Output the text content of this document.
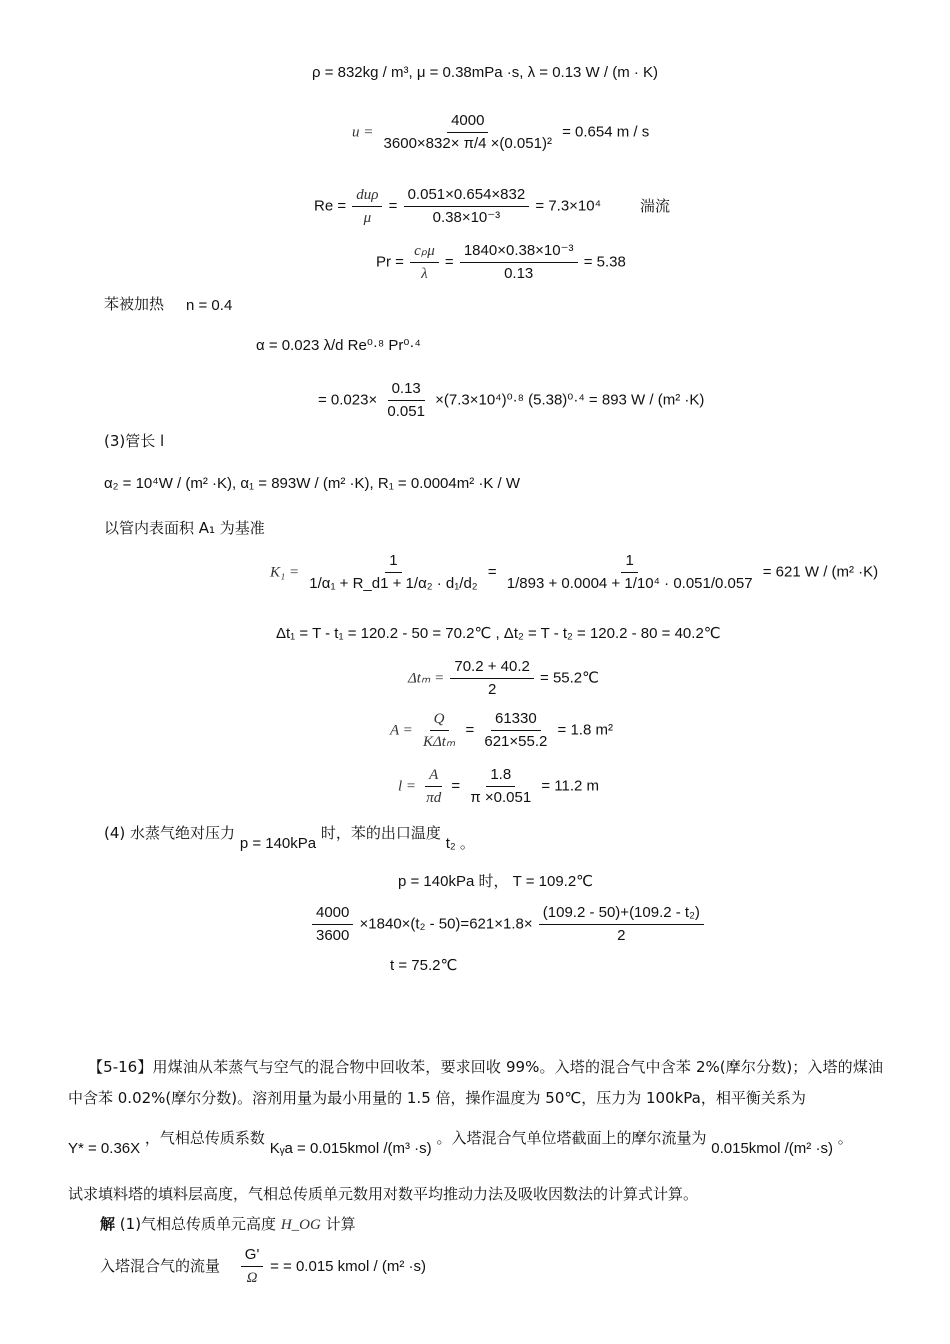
ρ = 832kg / m³, μ = 0.38mPa ·s, λ = 0.13 W / (m · K)
$u = \frac{4000}{\text{3600×832× π/4 ×(0.051)²}} = 0.654$ m / s
$Re = \frac{\text{duρ}}{\mu} = \frac{0.051\times 0.654\times 832}{\text{0.38×10⁻³}} = 7.3\times 10^4$	湍流
$Pr = \frac{\text{cₚμ}}{\lambda} = \frac{\text{1840×0.38×10⁻³}}{0.13} = 5.38$
苯被加热 n = 0.4
α = 0.023 λ/d Re⁰·⁸ Pr⁰·⁴
= $0.023\times \frac{0.13}{0.051} \times(7.3\times 10^4)^0\cdot^8$ (5.38)⁰·⁴ = 893 W / (m² ·K)
(3)管长 l
α₂ = 10⁴W / (m² ·K), α₁ = 893W / (m² ·K), R₁ = 0.0004m² ·K / W
以管内表面积 A₁ 为基准
$K_1 = \frac{1}{\text{1/α₁ + R\_d1 + 1/α₂ · d₁/d₂}} = \frac{1}{\text{1/893 + 0.0004 + 1/10⁴ · 0.051/0.057}} = 621$ W / (m² ·K)
Δt₁ = T - t₁ = 120.2 - 50 = 70.2℃ , Δt₂ = T - t₂ = 120.2 - 80 = 40.2℃
$\Delta t_m = \frac{70.2 + 40.2}{2}$ = 55.2℃
$A = \frac{Q}{\text{KΔtₘ}} = \frac{61330}{621\times 55.2} = 1.8$ m²
$l = \frac{A}{\pi d} = \frac{1.8}{\pi \times 0.051} = 11.2$ m
(4) 水蒸气绝对压力 p = 140kPa 时，苯的出口温度 t₂ 。
p = 140kPa 时， T = 109.2℃
$\frac{4000}{3600} \times 1840\times(t_2 - 50)=621\times 1.8\times \frac{\text{(109.2 - 50)+(109.2 - t₂)}}{2}$
t = 75.2℃
【5-16】用煤油从苯蒸气与空气的混合物中回收苯，要求回收 99%。入塔的混合气中含苯 2%(摩尔分数)；入塔的煤油中含苯 0.02%(摩尔分数)。溶剂用量为最小用量的 1.5 倍，操作温度为 50℃，压力为 100kPa，相平衡关系为
Y* = 0.36X ，气相总传质系数 Kᵧa = 0.015kmol /(m³ ·s) 。入塔混合气单位塔截面上的摩尔流量为 0.015kmol /(m² ·s) 。
试求填料塔的填料层高度，气相总传质单元数用对数平均推动力法及吸收因数法的计算式计算。
解 (1)气相总传质单元高度 H_OG 计算
入塔混合气的流量 $\frac{G'}{\Omega}$ = = 0.015 kmol / (m² ·s)
